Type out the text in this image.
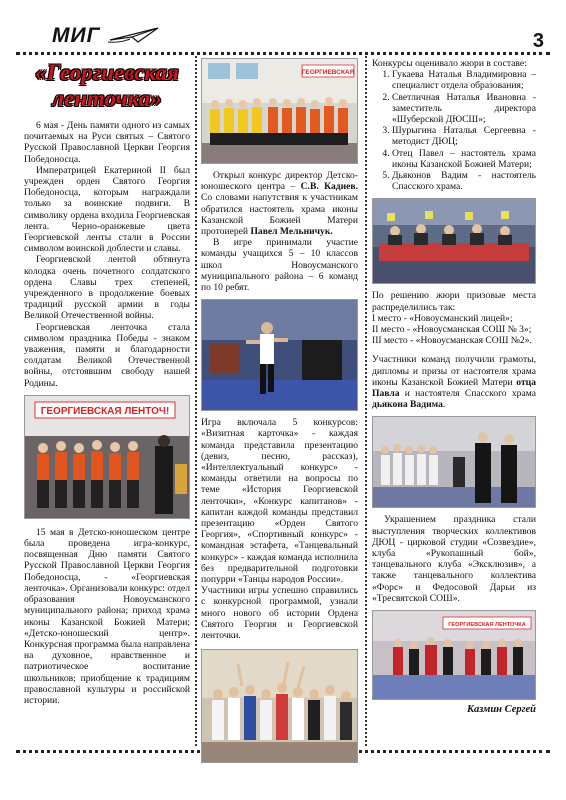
МИГ	3
«Георгиевская ленточка»

6 мая - День памяти одного из самых почитаемых на Руси святых – Святого Русской Православной Церкви Георгия Победоносца.

Императрицей Екатериной II был учрежден орден Святого Георгия Победоносца, которым награждали только за воинские подвиги. В символику ордена входила Георгиевская лента. Черно-оранжевые цвета Георгиевской ленты стали в России символом воинской доблести и славы.

Георгиевской лентой обтянута колодка очень почетного солдатского ордена Славы трех степеней, учрежденного в продолжение боевых традиций русской армии в годы Великой Отечественной войны.

Георгиевская ленточка стала символом праздника Победы - знаком уважения, памяти и благодарности солдатам Великой Отечественной войны, отстоявшим свободу нашей Родины.

ГЕОРГИЕВСКАЯ ЛЕНТОЧ!

15 мая в Детско-юношеском центре была проведена игра-конкурс, посвященная Дню памяти Святого Русской Православной Церкви Георгия Победоносца, - «Георгиевская ленточка». Организовали конкурс: отдел образования Новоусманского муниципального района; приход храма иконы Казанской Божией Матери; «Детско-юношеский центр». Конкурсная программа была направлена на духовное, нравственное и патриотическое воспитание школьников; приобщение к традициям православной культуры и российской истории.

ГЕОРГИЕВСКАЯ

Открыл конкурс директор Детско-юношеского центра – С.В. Кадиев. Со словами напутствия к участникам обратился настоятель храма иконы Казанской Божией Матери протоиерей Павел Мельничук.

В игре принимали участие команды учащихся 5 – 10 классов школ Новоусманского муниципального района – 6 команд по 10 ребят.

Игра включала 5 конкурсов: «Визитная карточка» - каждая команда представила презентацию (девиз, песню, рассказ), «Интеллектуальный конкурс» - команды ответили на вопросы по теме «История Георгиевской ленточки», «Конкурс капитанов» - капитан каждой команды представил презентацию «Орден Святого Георгия», «Спортивный конкурс» - командная эстафета, «Танцевальный конкурс» - каждая команда исполнила без предварительной подготовки попурри «Танцы народов России».

Участники игры успешно справились с конкурсной программой, узнали много нового об истории Ордена Святого Георгия и Георгиевской ленточки.

Конкурсы оценивало жюри в составе:

1. Гукаева Наталья Владимировна – специалист отдела образования;
2. Светличная Наталья Ивановна - заместитель директора «Шуберской ДЮСШ»;
3. Шурыгина Наталья Сергеевна - методист ДЮЦ;
4. Отец Павел – настоятель храма иконы Казанской Божией Матери;
5. Дьяконов Вадим - настоятель Спасского храма.

По решению жюри призовые места распределились так:

I место - «Новоусманский лицей»;

II место - «Новоусманская СОШ № 3»;

III место - «Новоусманская СОШ №2».

Участники команд получили грамоты, дипломы и призы от настоятеля храма иконы Казанской Божией Матери отца Павла и настоятеля Спасского храма дьякона Вадима.

Украшением праздника стали выступления творческих коллективов ДЮЦ - цирковой студии «Созвездие», клуба «Рукопашный бой», танцевального клуба «Эксклюзив», а также танцевального коллектива «Форс» и Федосовой Дарьи из «Тресвятской СОШ».

ГЕОРГИЕВСКАЯ ЛЕНТОЧКА
Казмин Сергей
